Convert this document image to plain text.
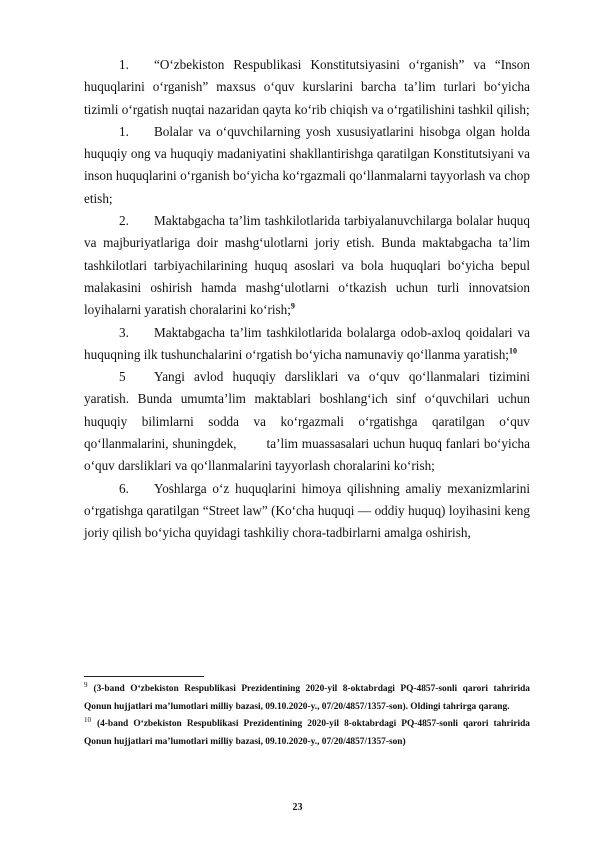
1. “O‘zbekiston Respublikasi Konstitutsiyasini o‘rganish” va “Inson huquqlarini o‘rganish” maxsus o‘quv kurslarini barcha ta’lim turlari bo‘yicha tizimli o‘rgatish nuqtai nazaridan qayta ko‘rib chiqish va o‘rgatilishini tashkil qilish;

1. Bolalar va o‘quvchilarning yosh xususiyatlarini hisobga olgan holda huquqiy ong va huquqiy madaniyatini shakllantirishga qaratilgan Konstitutsiyani va inson huquqlarini o‘rganish bo‘yicha ko‘rgazmali qo‘llanmalarni tayyorlash va chop etish;

2. Maktabgacha ta’lim tashkilotlarida tarbiyalanuvchilarga bolalar huquq va majburiyatlariga doir mashg‘ulotlarni joriy etish. Bunda maktabgacha ta’lim tashkilotlari tarbiyachilarining huquq asoslari va bola huquqlari bo‘yicha bepul malakasini oshirish hamda mashg‘ulotlarni o‘tkazish uchun turli innovatsion loyihalarni yaratish choralarini ko‘rish;$^9$

3. Maktabgacha ta’lim tashkilotlarida bolalarga odob-axloq qoidalari va huquqning ilk tushunchalarini o‘rgatish bo‘yicha namunaviy qo‘llanma yaratish;$^{10}$

5 Yangi avlod huquqiy darsliklari va o‘quv qo‘llanmalari tizimini yaratish. Bunda umumta’lim maktablari boshlang‘ich sinf o‘quvchilari uchun huquqiy bilimlarni sodda va ko‘rgazmali o‘rgatishga qaratilgan o‘quv qo‘llanmalarini, shuningdek,        ta’lim muassasalari uchun huquq fanlari bo‘yicha o‘quv darsliklari va qo‘llanmalarini tayyorlash choralarini ko‘rish;

6. Yoshlarga o‘z huquqlarini himoya qilishning amaliy mexanizmlarini o‘rgatishga qaratilgan “Street law” (Ko‘cha huquqi — oddiy huquq) loyihasini keng joriy qilish bo‘yicha quyidagi tashkiliy chora-tadbirlarni amalga oshirish,

$^9$ (3-band O‘zbekiston Respublikasi Prezidentining 2020-yil 8-oktabrdagi PQ-4857-sonli qarori tahririda Qonun hujjatlari ma’lumotlari milliy bazasi, 09.10.2020-y., 07/20/4857/1357-son). Oldingi tahrirga qarang.

$^{10}$ (4-band O‘zbekiston Respublikasi Prezidentining 2020-yil 8-oktabrdagi PQ-4857-sonli qarori tahririda Qonun hujjatlari ma’lumotlari milliy bazasi, 09.10.2020-y., 07/20/4857/1357-son)

23
